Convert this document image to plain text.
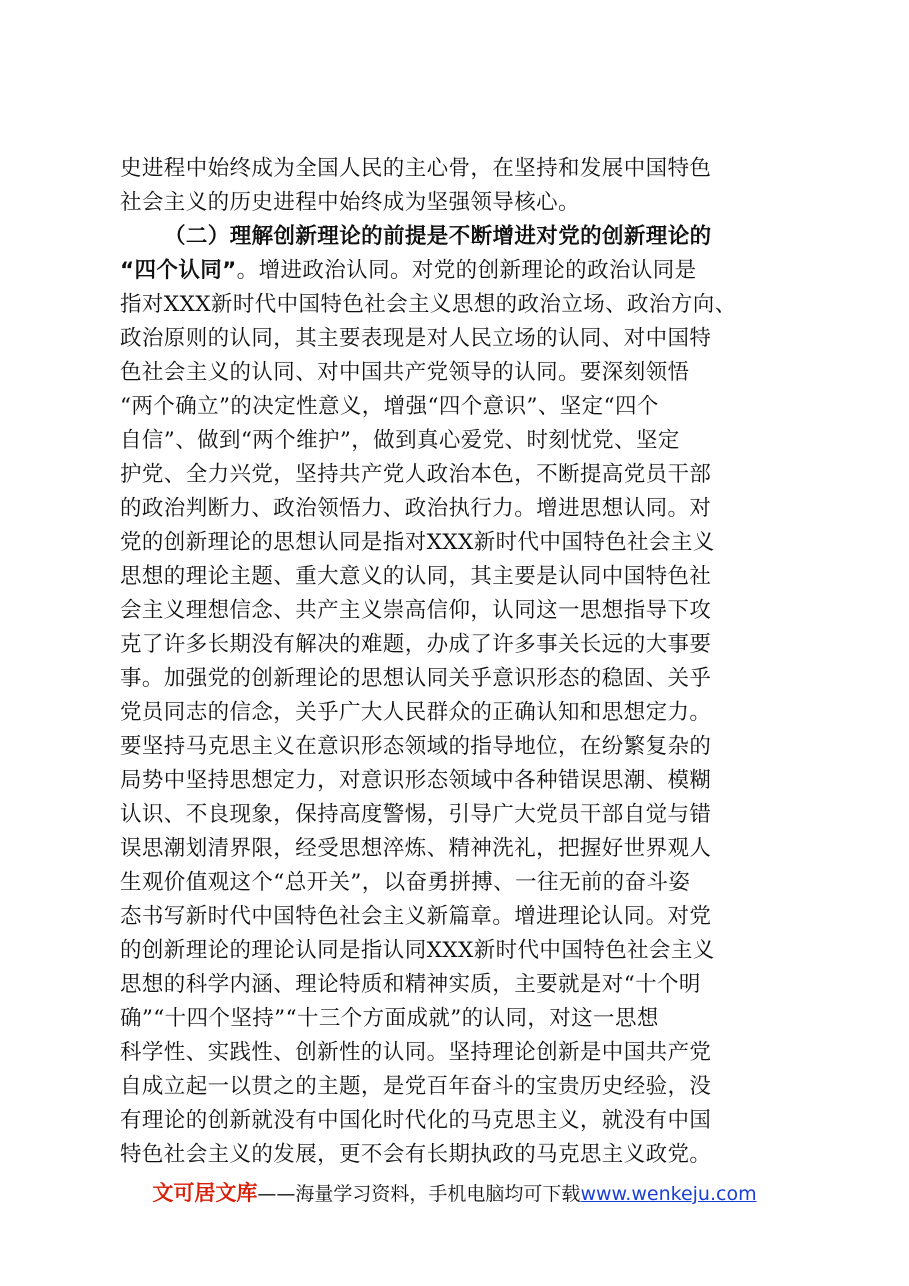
史进程中始终成为全国人民的主心骨，在坚持和发展中国特色
社会主义的历史进程中始终成为坚强领导核心。
（二）理解创新理论的前提是不断增进对党的创新理论的
“四个认同”。增进政治认同。对党的创新理论的政治认同是
指对XXX新时代中国特色社会主义思想的政治立场、政治方向、
政治原则的认同，其主要表现是对人民立场的认同、对中国特
色社会主义的认同、对中国共产党领导的认同。要深刻领悟
“两个确立”的决定性意义，增强“四个意识”、坚定“四个
自信”、做到“两个维护”，做到真心爱党、时刻忧党、坚定
护党、全力兴党，坚持共产党人政治本色，不断提高党员干部
的政治判断力、政治领悟力、政治执行力。增进思想认同。对
党的创新理论的思想认同是指对XXX新时代中国特色社会主义
思想的理论主题、重大意义的认同，其主要是认同中国特色社
会主义理想信念、共产主义崇高信仰，认同这一思想指导下攻
克了许多长期没有解决的难题，办成了许多事关长远的大事要
事。加强党的创新理论的思想认同关乎意识形态的稳固、关乎
党员同志的信念，关乎广大人民群众的正确认知和思想定力。
要坚持马克思主义在意识形态领域的指导地位，在纷繁复杂的
局势中坚持思想定力，对意识形态领域中各种错误思潮、模糊
认识、不良现象，保持高度警惕，引导广大党员干部自觉与错
误思潮划清界限，经受思想淬炼、精神洗礼，把握好世界观人
生观价值观这个“总开关”，以奋勇拼搏、一往无前的奋斗姿
态书写新时代中国特色社会主义新篇章。增进理论认同。对党
的创新理论的理论认同是指认同XXX新时代中国特色社会主义
思想的科学内涵、理论特质和精神实质，主要就是对“十个明
确”“十四个坚持”“十三个方面成就”的认同，对这一思想
科学性、实践性、创新性的认同。坚持理论创新是中国共产党
自成立起一以贯之的主题，是党百年奋斗的宝贵历史经验，没
有理论的创新就没有中国化时代化的马克思主义，就没有中国
特色社会主义的发展，更不会有长期执政的马克思主义政党。
文可居文库——海量学习资料，手机电脑均可下载www.wenkeju.com
